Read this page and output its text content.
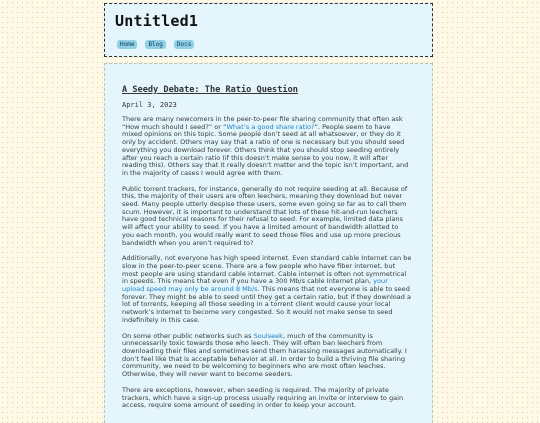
Untitled1
Home	Blog	Docs
A Seedy Debate: The Ratio Question
April 3, 2023

There are many newcomers in the peer-to-peer file sharing community that often ask “How much should I seed?” or “What’s a good share ratio?”. People seem to have mixed opinions on this topic. Some people don’t seed at all whatsoever, or they do it only by accident. Others may say that a ratio of one is necessary but you should seed everything you download forever. Others think that you should stop seeding entirely after you reach a certain ratio (if this doesn’t make sense to you now, it will after reading this). Others say that it really doesn’t matter and the topic isn’t important, and in the majority of cases I would agree with them.

Public torrent trackers, for instance, generally do not require seeding at all. Because of this, the majority of their users are often leechers, meaning they download but never seed. Many people utterly despise these users, some even going so far as to call them scum. However, it is important to understand that lots of these hit-and-run leechers have good technical reasons for their refusal to seed. For example, limited data plans will affect your ability to seed. If you have a limited amount of bandwidth allotted to you each month, you would really want to seed those files and use up more precious bandwidth when you aren’t required to?

Additionally, not everyone has high speed internet. Even standard cable Internet can be slow in the peer-to-peer scene. There are a few people who have fiber internet, but most people are using standard cable internet. Cable internet is often not symmetrical in speeds. This means that even if you have a 300 Mb/s cable Internet plan, your upload speed may only be around 8 Mb/s. This means that not everyone is able to seed forever. They might be able to seed until they get a certain ratio, but if they download a lot of torrents, keeping all those seeding in a torrent client would cause your local network’s Internet to become very congested. So it would not make sense to seed indefinitely in this case.

On some other public networks such as Soulseek, much of the community is unnecessarily toxic towards those who leech. They will often ban leechers from downloading their files and sometimes send them harassing messages automatically. I don’t feel like that is acceptable behavior at all. In order to build a thriving file sharing community, we need to be welcoming to beginners who are most often leeches. Otherwise, they will never want to become seeders.

There are exceptions, however, when seeding is required. The majority of private trackers, which have a sign-up process usually requiring an invite or interview to gain access, require some amount of seeding in order to keep your account.
